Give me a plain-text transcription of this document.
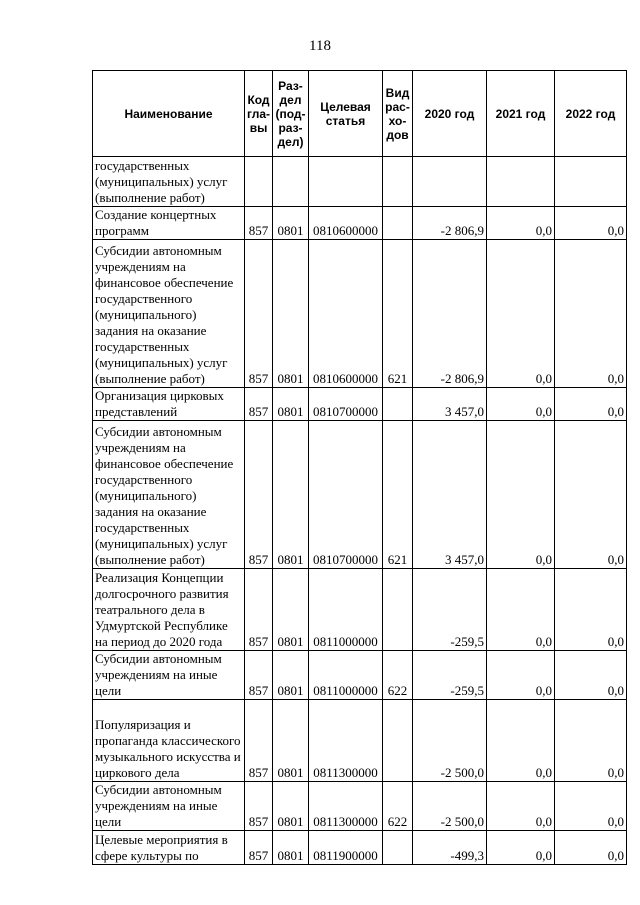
118
Наименование	Код гла-вы	Раз-дел (под-раз-дел)	Целевая статья	Вид рас-хо-дов	2020 год	2021 год	2022 год

государственных (муниципальных) услуг (выполнение работ)							

Создание концертных программ	857	0801	0810600000		-2 806,9	0,0	0,0

Субсидии автономным учреждениям на финансовое обеспечение государственного (муниципального) задания на оказание государственных (муниципальных) услуг (выполнение работ)	857	0801	0810600000	621	-2 806,9	0,0	0,0

Организация цирковых представлений	857	0801	0810700000		3 457,0	0,0	0,0

Субсидии автономным учреждениям на финансовое обеспечение государственного (муниципального) задания на оказание государственных (муниципальных) услуг (выполнение работ)	857	0801	0810700000	621	3 457,0	0,0	0,0

Реализация Концепции долгосрочного развития театрального дела в Удмуртской Республике на период до 2020 года	857	0801	0811000000		-259,5	0,0	0,0

Субсидии автономным учреждениям на иные цели	857	0801	0811000000	622	-259,5	0,0	0,0

Популяризация и пропаганда классического музыкального искусства и циркового дела	857	0801	0811300000		-2 500,0	0,0	0,0

Субсидии автономным учреждениям на иные цели	857	0801	0811300000	622	-2 500,0	0,0	0,0

Целевые мероприятия в сфере культуры по	857	0801	0811900000		-499,3	0,0	0,0
